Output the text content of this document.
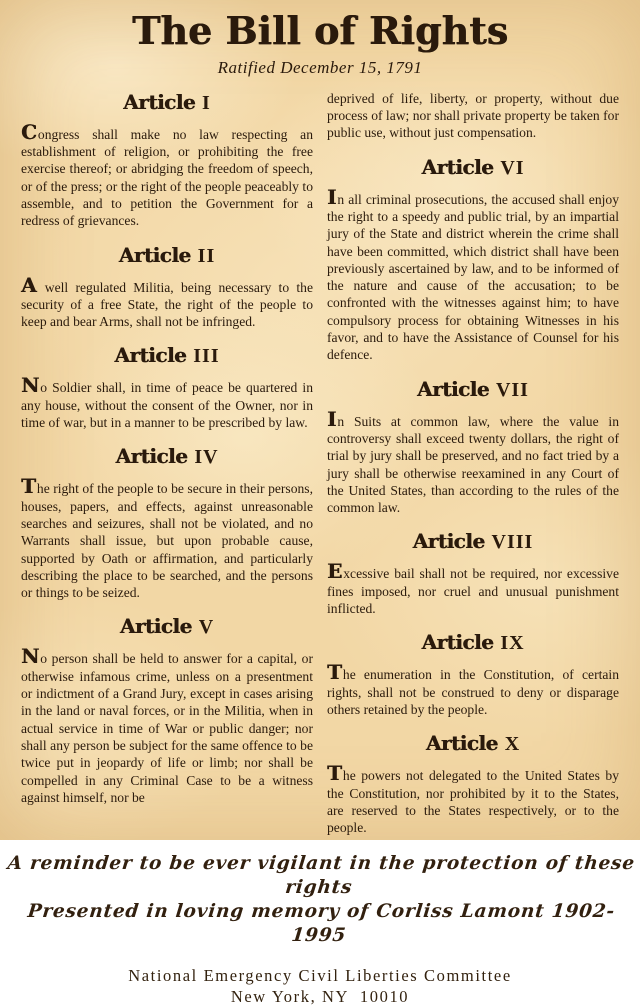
The Bill of Rights
Ratified December 15, 1791
Article I

Congress shall make no law respecting an establishment of religion, or prohibiting the free exercise thereof; or abridging the freedom of speech, or of the press; or the right of the people peaceably to assemble, and to petition the Government for a redress of grievances.

Article II

A well regulated Militia, being necessary to the security of a free State, the right of the people to keep and bear Arms, shall not be infringed.

Article III

No Soldier shall, in time of peace be quartered in any house, without the consent of the Owner, nor in time of war, but in a manner to be prescribed by law.

Article IV

The right of the people to be secure in their persons, houses, papers, and effects, against unreasonable searches and seizures, shall not be violated, and no Warrants shall issue, but upon probable cause, supported by Oath or affirmation, and particularly describing the place to be searched, and the persons or things to be seized.

Article V

No person shall be held to answer for a capital, or otherwise infamous crime, unless on a presentment or indictment of a Grand Jury, except in cases arising in the land or naval forces, or in the Militia, when in actual service in time of War or public danger; nor shall any person be subject for the same offence to be twice put in jeopardy of life or limb; nor shall be compelled in any Criminal Case to be a witness against himself, nor be

deprived of life, liberty, or property, without due process of law; nor shall private property be taken for public use, without just compensation.

Article VI

In all criminal prosecutions, the accused shall enjoy the right to a speedy and public trial, by an impartial jury of the State and district wherein the crime shall have been committed, which district shall have been previously ascertained by law, and to be informed of the nature and cause of the accusation; to be confronted with the witnesses against him; to have compulsory process for obtaining Witnesses in his favor, and to have the Assistance of Counsel for his defence.

Article VII

In Suits at common law, where the value in controversy shall exceed twenty dollars, the right of trial by jury shall be preserved, and no fact tried by a jury shall be otherwise reexamined in any Court of the United States, than according to the rules of the common law.

Article VIII

Excessive bail shall not be required, nor excessive fines imposed, nor cruel and unusual punishment inflicted.

Article IX

The enumeration in the Constitution, of certain rights, shall not be construed to deny or disparage others retained by the people.

Article X

The powers not delegated to the United States by the Constitution, nor prohibited by it to the States, are reserved to the States respectively, or to the people.

A reminder to be ever vigilant in the protection of these rights
Presented in loving memory of Corliss Lamont 1902-1995
National Emergency Civil Liberties Committee
New York, NY  10010
